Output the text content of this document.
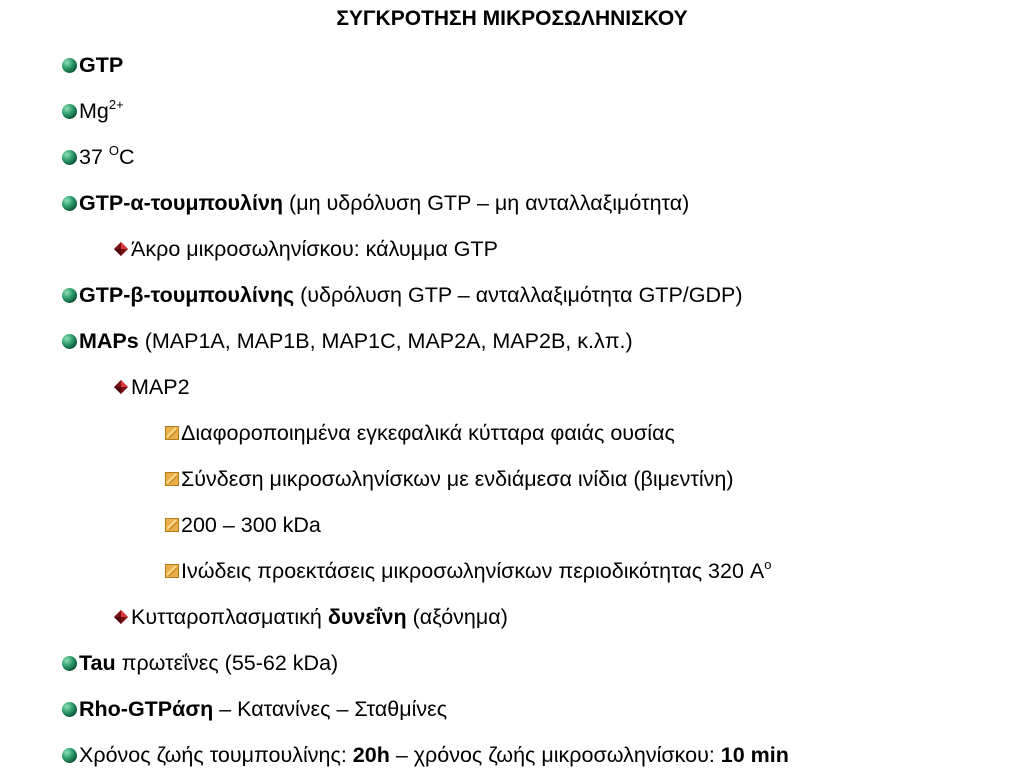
ΣΥΓΚΡΟΤΗΣΗ ΜΙΚΡΟΣΩΛΗΝΙΣΚΟΥ
GTP
$Mg^{2+}$
37 $^O$C
GTP-α-τουμπουλίνη (μη υδρόλυση GTP – μη ανταλλαξιμότητα)
Άκρο μικροσωληνίσκου: κάλυμμα GTP
GTP-β-τουμπουλίνης (υδρόλυση GTP – ανταλλαξιμότητα GTP/GDP)
MAPs (MAP1A, MAP1B, MAP1C, MAP2A, MAP2B, κ.λπ.)
MAP2
Διαφοροποιημένα εγκεφαλικά κύτταρα φαιάς ουσίας
Σύνδεση μικροσωληνίσκων με ενδιάμεσα ινίδια (βιμεντίνη)
200 – 300 kDa
Ινώδεις προεκτάσεις μικροσωληνίσκων περιοδικότητας 320 $A^o$
Κυτταροπλασματική δυνεΐνη (αξόνημα)
Tau πρωτεΐνες (55-62 kDa)
Rho-GTPάση – Κατανίνες – Σταθμίνες
Χρόνος ζωής τουμπουλίνης: 20h – χρόνος ζωής μικροσωληνίσκου: 10 min
